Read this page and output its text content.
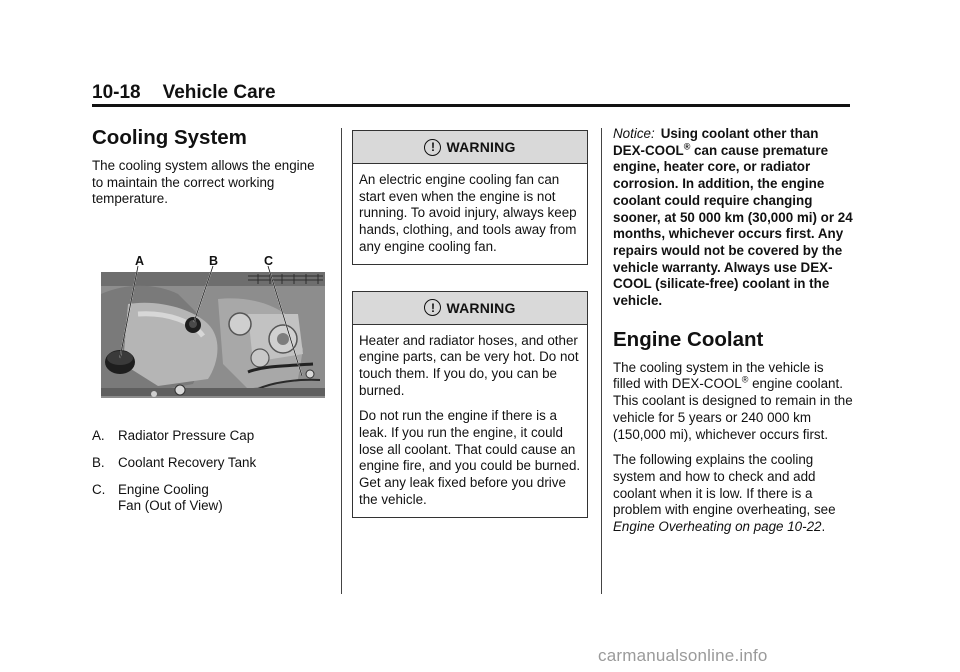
10-18 Vehicle Care
Cooling System

The cooling system allows the engine to maintain the correct working temperature.

A	B	C
A. Radiator Pressure Cap
B. Coolant Recovery Tank
C. Engine Cooling Fan (Out of View)
! WARNING

An electric engine cooling fan can start even when the engine is not running. To avoid injury, always keep hands, clothing, and tools away from any engine cooling fan.

! WARNING

Heater and radiator hoses, and other engine parts, can be very hot. Do not touch them. If you do, you can be burned.

Do not run the engine if there is a leak. If you run the engine, it could lose all coolant. That could cause an engine fire, and you could be burned. Get any leak fixed before you drive the vehicle.

Notice: Using coolant other than DEX-COOL® can cause premature engine, heater core, or radiator corrosion. In addition, the engine coolant could require changing sooner, at 50 000 km (30,000 mi) or 24 months, whichever occurs first. Any repairs would not be covered by the vehicle warranty. Always use DEX-COOL (silicate-free) coolant in the vehicle.

Engine Coolant

The cooling system in the vehicle is filled with DEX-COOL® engine coolant. This coolant is designed to remain in the vehicle for 5 years or 240 000 km (150,000 mi), whichever occurs first.

The following explains the cooling system and how to check and add coolant when it is low. If there is a problem with engine overheating, see Engine Overheating on page 10-22.

carmanualsonline.info
